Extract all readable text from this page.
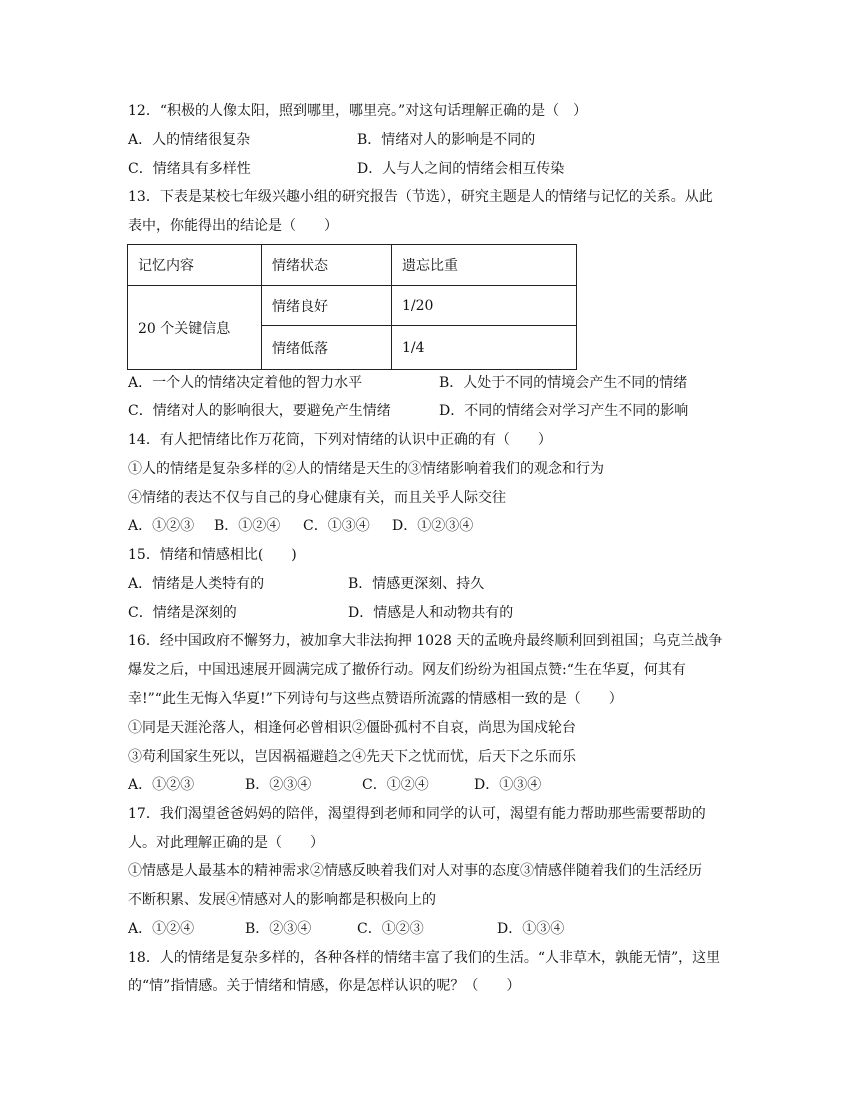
12．“积极的人像太阳，照到哪里，哪里亮。”对这句话理解正确的是（　）
A．人的情绪很复杂	B．情绪对人的影响是不同的
C．情绪具有多样性	D．人与人之间的情绪会相互传染
13．下表是某校七年级兴趣小组的研究报告（节选），研究主题是人的情绪与记忆的关系。从此
表中，你能得出的结论是（　　）
记忆内容	情绪状态	遗忘比重
20 个关键信息	情绪良好	1/20
	情绪低落	1/4
A．一个人的情绪决定着他的智力水平	B．人处于不同的情境会产生不同的情绪
C．情绪对人的影响很大，要避免产生情绪	D．不同的情绪会对学习产生不同的影响
14．有人把情绪比作万花筒，下列对情绪的认识中正确的有（　　）
①人的情绪是复杂多样的②人的情绪是天生的③情绪影响着我们的观念和行为
④情绪的表达不仅与自己的身心健康有关，而且关乎人际交往
A．①②③ B．①②④ C．①③④ D．①②③④
15．情绪和情感相比(　　)
A．情绪是人类特有的	B．情感更深刻、持久
C．情绪是深刻的	D．情感是人和动物共有的
16．经中国政府不懈努力，被加拿大非法拘押 1028 天的孟晚舟最终顺利回到祖国；乌克兰战争
爆发之后，中国迅速展开圆满完成了撤侨行动。网友们纷纷为祖国点赞:“生在华夏，何其有
幸!”“此生无悔入华夏!”下列诗句与这些点赞语所流露的情感相一致的是（　　）
①同是天涯沦落人，相逢何必曾相识②僵卧孤村不自哀，尚思为国戍轮台
③苟利国家生死以，岂因祸福避趋之④先天下之忧而忧，后天下之乐而乐
A．①②③	B．②③④	C．①②④	D．①③④
17．我们渴望爸爸妈妈的陪伴，渴望得到老师和同学的认可，渴望有能力帮助那些需要帮助的
人。对此理解正确的是（　　）
①情感是人最基本的精神需求②情感反映着我们对人对事的态度③情感伴随着我们的生活经历
不断积累、发展④情感对人的影响都是积极向上的
A．①②④	B．②③④	C．①②③	D．①③④
18．人的情绪是复杂多样的，各种各样的情绪丰富了我们的生活。“人非草木，孰能无情”，这里
的“情”指情感。关于情绪和情感，你是怎样认识的呢？（　　）
